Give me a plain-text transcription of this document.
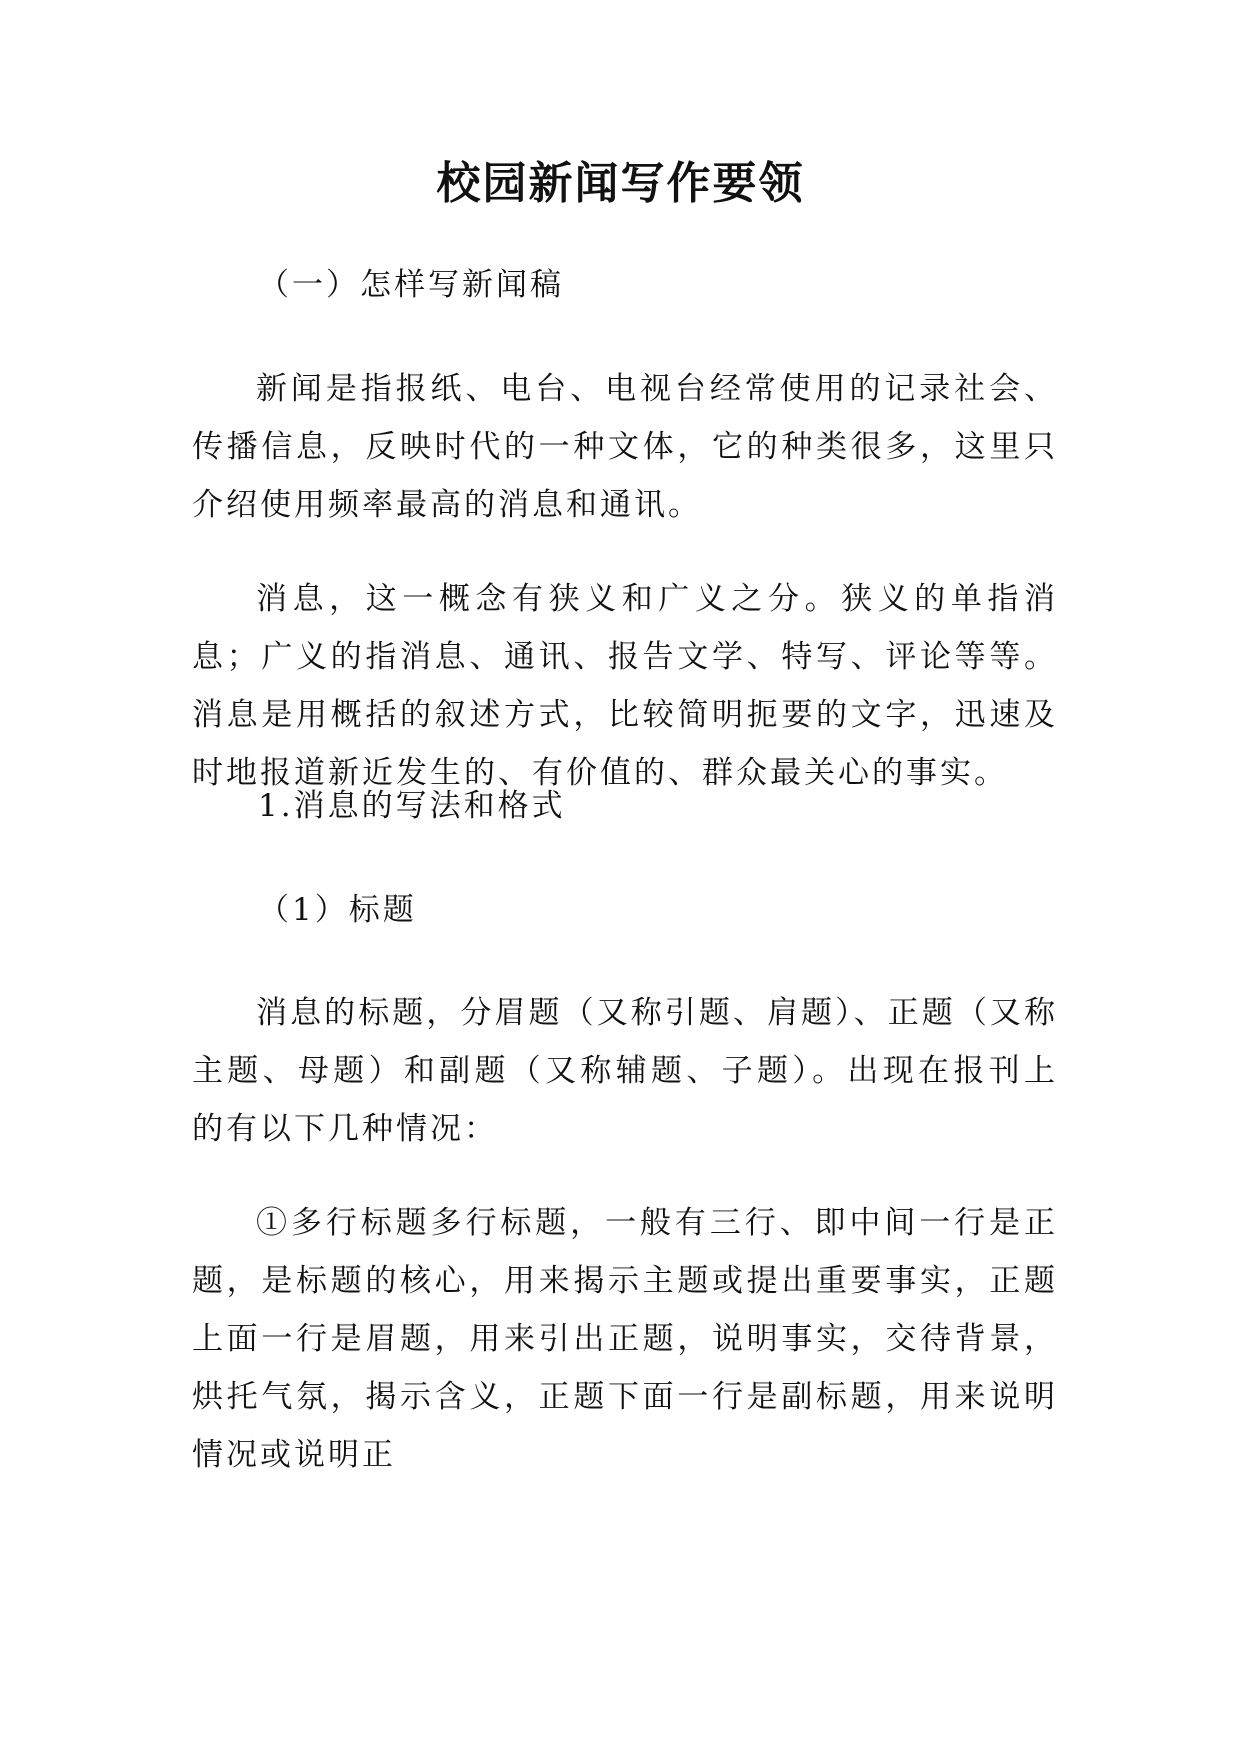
校园新闻写作要领
（一）怎样写新闻稿
新闻是指报纸、电台、电视台经常使用的记录社会、传播信息，反映时代的一种文体，它的种类很多，这里只介绍使用频率最高的消息和通讯。
消息，这一概念有狭义和广义之分。狭义的单指消息；广义的指消息、通讯、报告文学、特写、评论等等。消息是用概括的叙述方式，比较简明扼要的文字，迅速及时地报道新近发生的、有价值的、群众最关心的事实。
1.消息的写法和格式
（1）标题
消息的标题，分眉题（又称引题、肩题）、正题（又称主题、母题）和副题（又称辅题、子题）。出现在报刊上的有以下几种情况：
①多行标题多行标题，一般有三行、即中间一行是正题，是标题的核心，用来揭示主题或提出重要事实，正题上面一行是眉题，用来引出正题，说明事实，交待背景，烘托气氛，揭示含义，正题下面一行是副标题，用来说明情况或说明正
